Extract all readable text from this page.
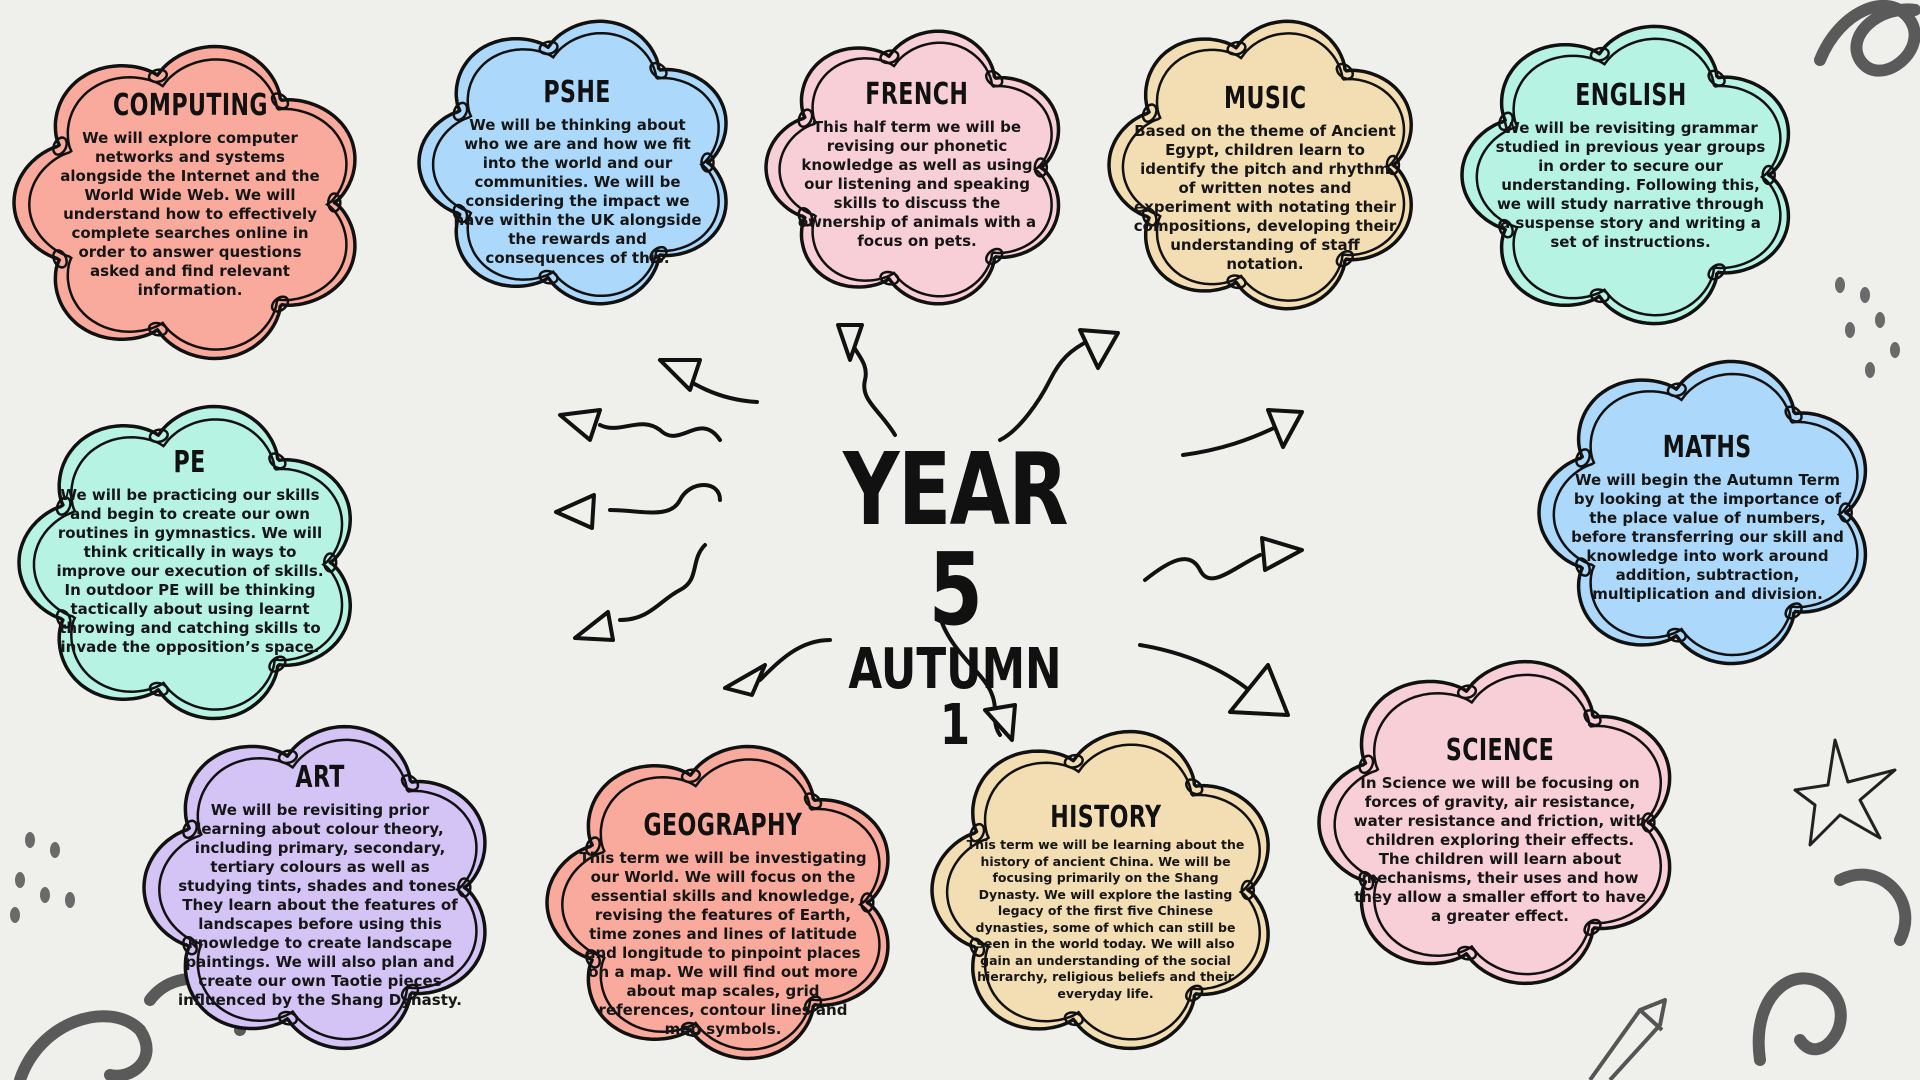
YEAR 5
AUTUMN 1
COMPUTING

We will explore computer networks and systems alongside the Internet and the World Wide Web. We will understand how to effectively complete searches online in order to answer questions asked and find relevant information.

PSHE

We will be thinking about who we are and how we fit into the world and our communities. We will be considering the impact we have within the UK alongside the rewards and consequences of this.

FRENCH

This half term we will be revising our phonetic knowledge as well as using our listening and speaking skills to discuss the ownership of animals with a focus on pets.

MUSIC

Based on the theme of Ancient Egypt, children learn to identify the pitch and rhythm of written notes and experiment with notating their compositions, developing their understanding of staff notation.

ENGLISH

We will be revisiting grammar studied in previous year groups in order to secure our understanding. Following this, we will study narrative through a suspense story and writing a set of instructions.

PE

We will be practicing our skills and begin to create our own routines in gymnastics. We will think critically in ways to improve our execution of skills. In outdoor PE will be thinking tactically about using learnt throwing and catching skills to invade the opposition’s space.

MATHS

We will begin the Autumn Term by looking at the importance of the place value of numbers, before transferring our skill and knowledge into work around addition, subtraction, multiplication and division.

ART

We will be revisiting prior learning about colour theory, including primary, secondary, tertiary colours as well as studying tints, shades and tones. They learn about the features of landscapes before using this knowledge to create landscape paintings. We will also plan and create our own Taotie pieces influenced by the Shang Dynasty.

GEOGRAPHY

This term we will be investigating our World. We will focus on the essential skills and knowledge, revising the features of Earth, time zones and lines of latitude and longitude to pinpoint places on a map. We will find out more about map scales, grid references, contour lines and map symbols.

HISTORY

This term we will be learning about the history of ancient China. We will be focusing primarily on the Shang Dynasty. We will explore the lasting legacy of the first five Chinese dynasties, some of which can still be seen in the world today. We will also gain an understanding of the social hierarchy, religious beliefs and their everyday life.

SCIENCE

In Science we will be focusing on forces of gravity, air resistance, water resistance and friction, with children exploring their effects. The children will learn about mechanisms, their uses and how they allow a smaller effort to have a greater effect.
